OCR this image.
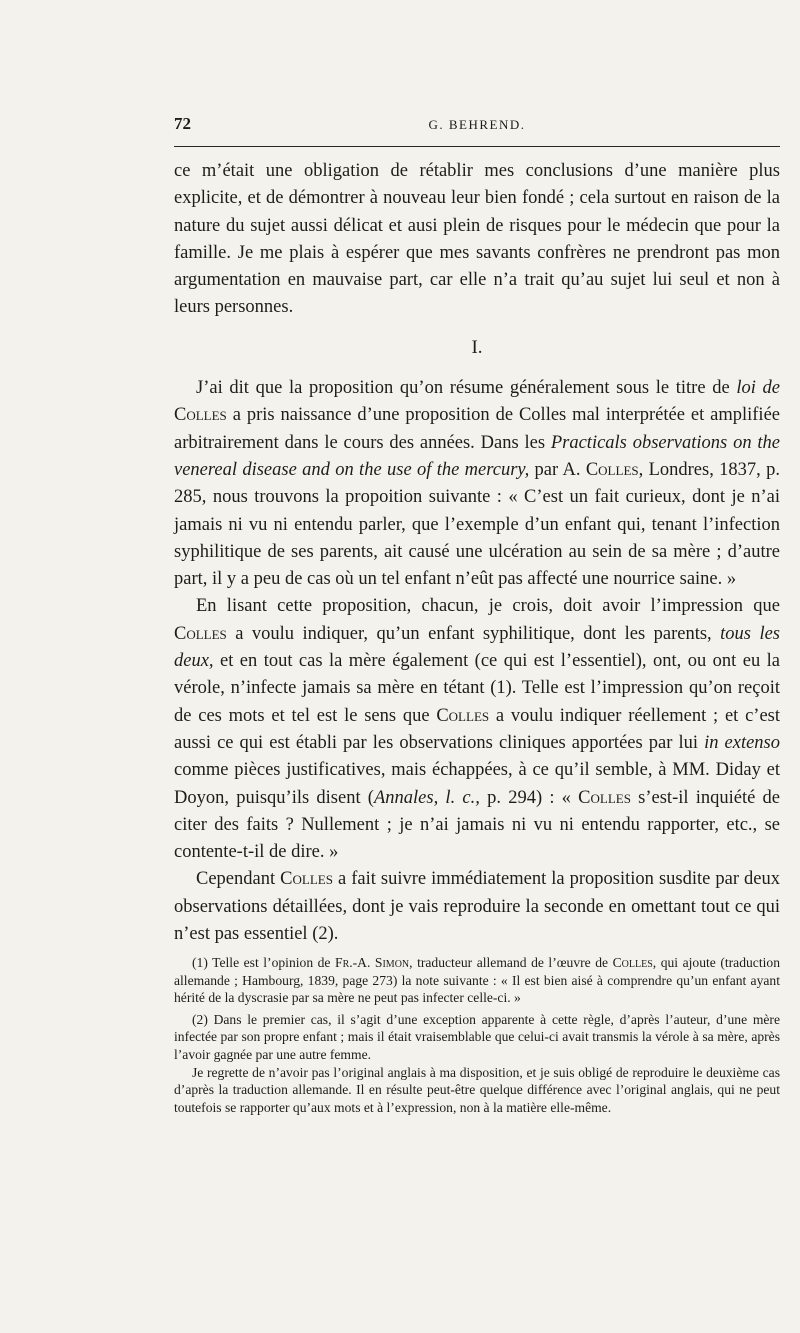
72	G. BEHREND.

ce m’était une obligation de rétablir mes conclusions d’une manière plus explicite, et de démontrer à nouveau leur bien fondé ; cela surtout en raison de la nature du sujet aussi délicat et ausi plein de risques pour le médecin que pour la famille. Je me plais à espérer que mes savants confrères ne prendront pas mon argumentation en mauvaise part, car elle n’a trait qu’au sujet lui seul et non à leurs personnes.

I.

J’ai dit que la proposition qu’on résume généralement sous le titre de loi de Colles a pris naissance d’une proposition de Colles mal interprétée et amplifiée arbitrairement dans le cours des années. Dans les Practicals observations on the venereal disease and on the use of the mercury, par A. Colles, Londres, 1837, p. 285, nous trouvons la propoition suivante : « C’est un fait curieux, dont je n’ai jamais ni vu ni entendu parler, que l’exemple d’un enfant qui, tenant l’infection syphilitique de ses parents, ait causé une ulcération au sein de sa mère ; d’autre part, il y a peu de cas où un tel enfant n’eût pas affecté une nourrice saine. »

En lisant cette proposition, chacun, je crois, doit avoir l’impression que Colles a voulu indiquer, qu’un enfant syphilitique, dont les parents, tous les deux, et en tout cas la mère également (ce qui est l’essentiel), ont, ou ont eu la vérole, n’infecte jamais sa mère en tétant (1). Telle est l’impression qu’on reçoit de ces mots et tel est le sens que Colles a voulu indiquer réellement ; et c’est aussi ce qui est établi par les observations cliniques apportées par lui in extenso comme pièces justificatives, mais échappées, à ce qu’il semble, à MM. Diday et Doyon, puisqu’ils disent (Annales, l. c., p. 294) : « Colles s’est-il inquiété de citer des faits ? Nullement ; je n’ai jamais ni vu ni entendu rapporter, etc., se contente-t-il de dire. »

Cependant Colles a fait suivre immédiatement la proposition susdite par deux observations détaillées, dont je vais reproduire la seconde en omettant tout ce qui n’est pas essentiel (2).

(1) Telle est l’opinion de Fr.-A. Simon, traducteur allemand de l’œuvre de Colles, qui ajoute (traduction allemande ; Hambourg, 1839, page 273) la note suivante : « Il est bien aisé à comprendre qu’un enfant ayant hérité de la dyscrasie par sa mère ne peut pas infecter celle-ci. »

(2) Dans le premier cas, il s’agit d’une exception apparente à cette règle, d’après l’auteur, d’une mère infectée par son propre enfant ; mais il était vraisemblable que celui-ci avait transmis la vérole à sa mère, après l’avoir gagnée par une autre femme.

Je regrette de n’avoir pas l’original anglais à ma disposition, et je suis obligé de reproduire le deuxième cas d’après la traduction allemande. Il en résulte peut-être quelque différence avec l’original anglais, qui ne peut toutefois se rapporter qu’aux mots et à l’expression, non à la matière elle-même.
